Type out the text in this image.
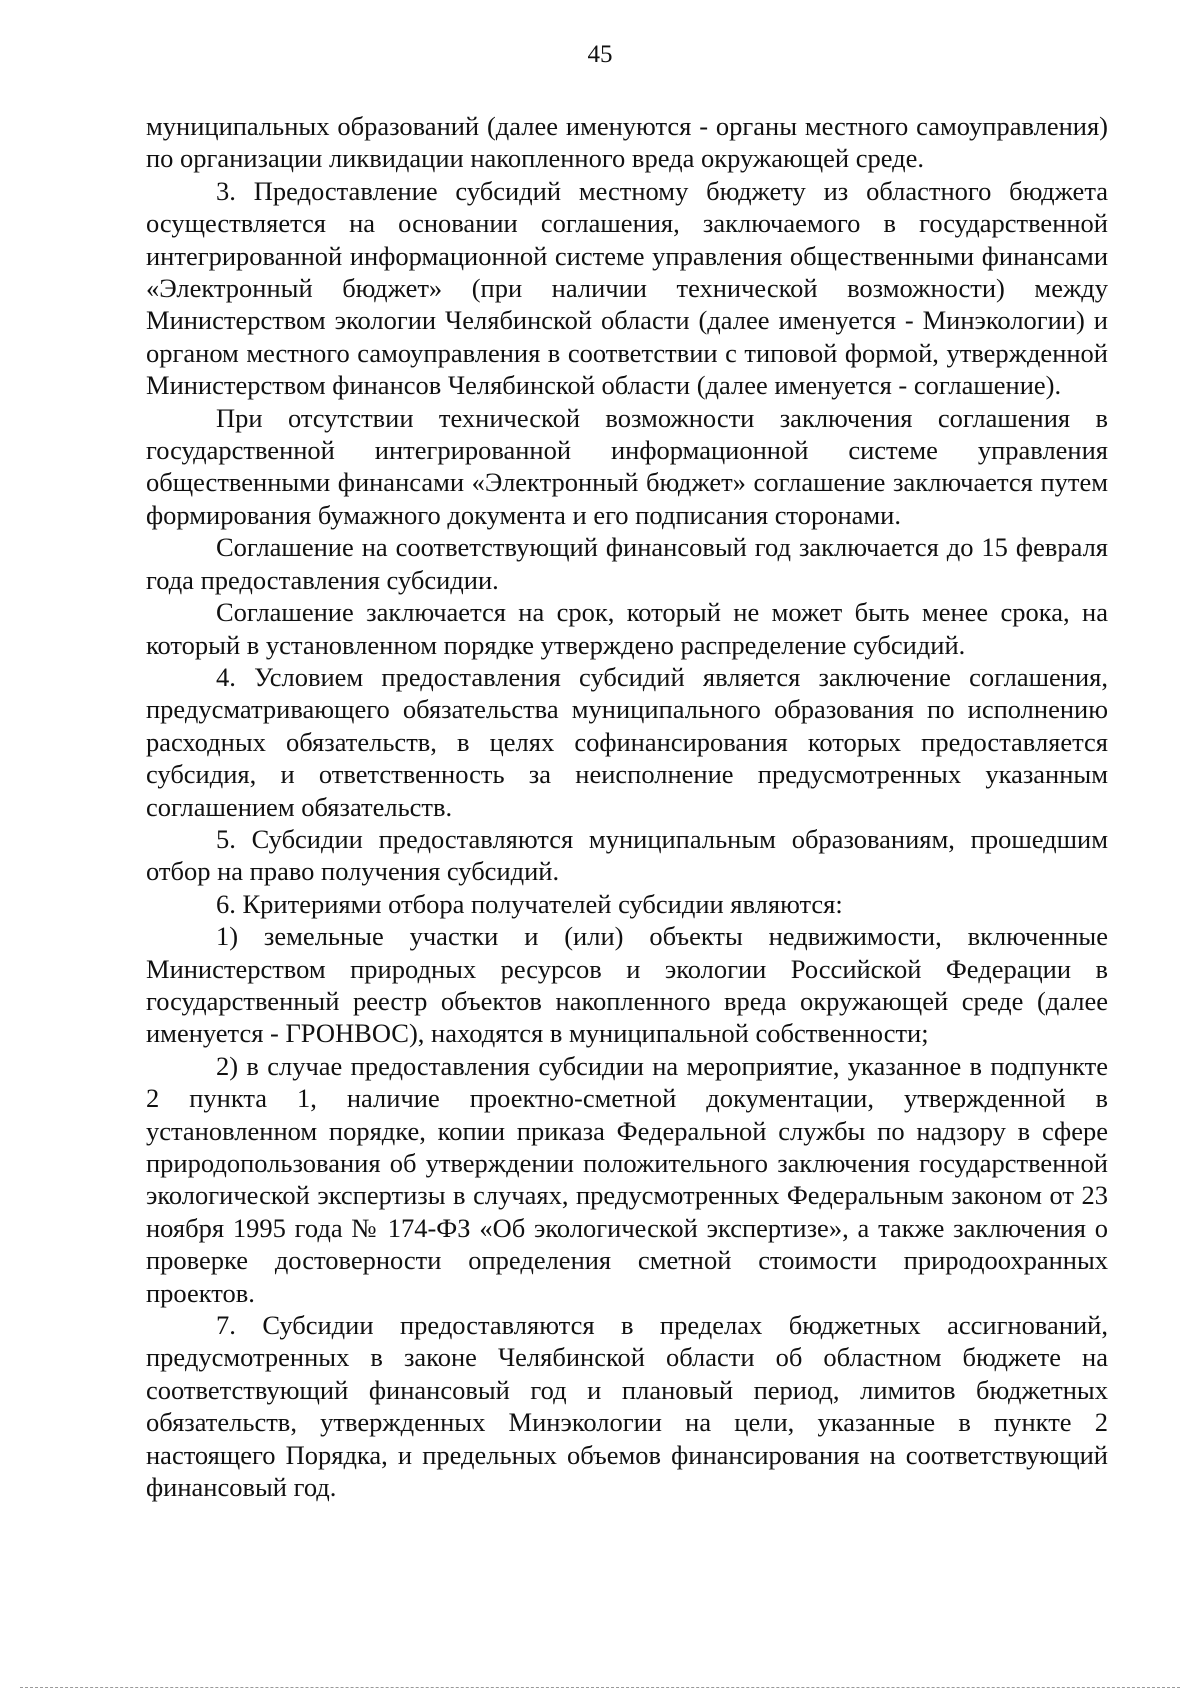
45

муниципальных образований (далее именуются - органы местного самоуправления) по организации ликвидации накопленного вреда окружающей среде.

3. Предоставление субсидий местному бюджету из областного бюджета осуществляется на основании соглашения, заключаемого в государственной интегрированной информационной системе управления общественными финансами «Электронный бюджет» (при наличии технической возможности) между Министерством экологии Челябинской области (далее именуется - Минэкологии) и органом местного самоуправления в соответствии с типовой формой, утвержденной Министерством финансов Челябинской области (далее именуется - соглашение).

При отсутствии технической возможности заключения соглашения в государственной интегрированной информационной системе управления общественными финансами «Электронный бюджет» соглашение заключается путем формирования бумажного документа и его подписания сторонами.

Соглашение на соответствующий финансовый год заключается до 15 февраля года предоставления субсидии.

Соглашение заключается на срок, который не может быть менее срока, на который в установленном порядке утверждено распределение субсидий.

4. Условием предоставления субсидий является заключение соглашения, предусматривающего обязательства муниципального образования по исполнению расходных обязательств, в целях софинансирования которых предоставляется субсидия, и ответственность за неисполнение предусмотренных указанным соглашением обязательств.

5. Субсидии предоставляются муниципальным образованиям, прошедшим отбор на право получения субсидий.

6. Критериями отбора получателей субсидии являются:

1) земельные участки и (или) объекты недвижимости, включенные Министерством природных ресурсов и экологии Российской Федерации в государственный реестр объектов накопленного вреда окружающей среде (далее именуется - ГРОНВОС), находятся в муниципальной собственности;

2) в случае предоставления субсидии на мероприятие, указанное в подпункте 2 пункта 1, наличие проектно-сметной документации, утвержденной в установленном порядке, копии приказа Федеральной службы по надзору в сфере природопользования об утверждении положительного заключения государственной экологической экспертизы в случаях, предусмотренных Федеральным законом от 23 ноября 1995 года № 174-ФЗ «Об экологической экспертизе», а также заключения о проверке достоверности определения сметной стоимости природоохранных проектов.

7. Субсидии предоставляются в пределах бюджетных ассигнований, предусмотренных в законе Челябинской области об областном бюджете на соответствующий финансовый год и плановый период, лимитов бюджетных обязательств, утвержденных Минэкологии на цели, указанные в пункте 2 настоящего Порядка, и предельных объемов финансирования на соответствующий финансовый год.
